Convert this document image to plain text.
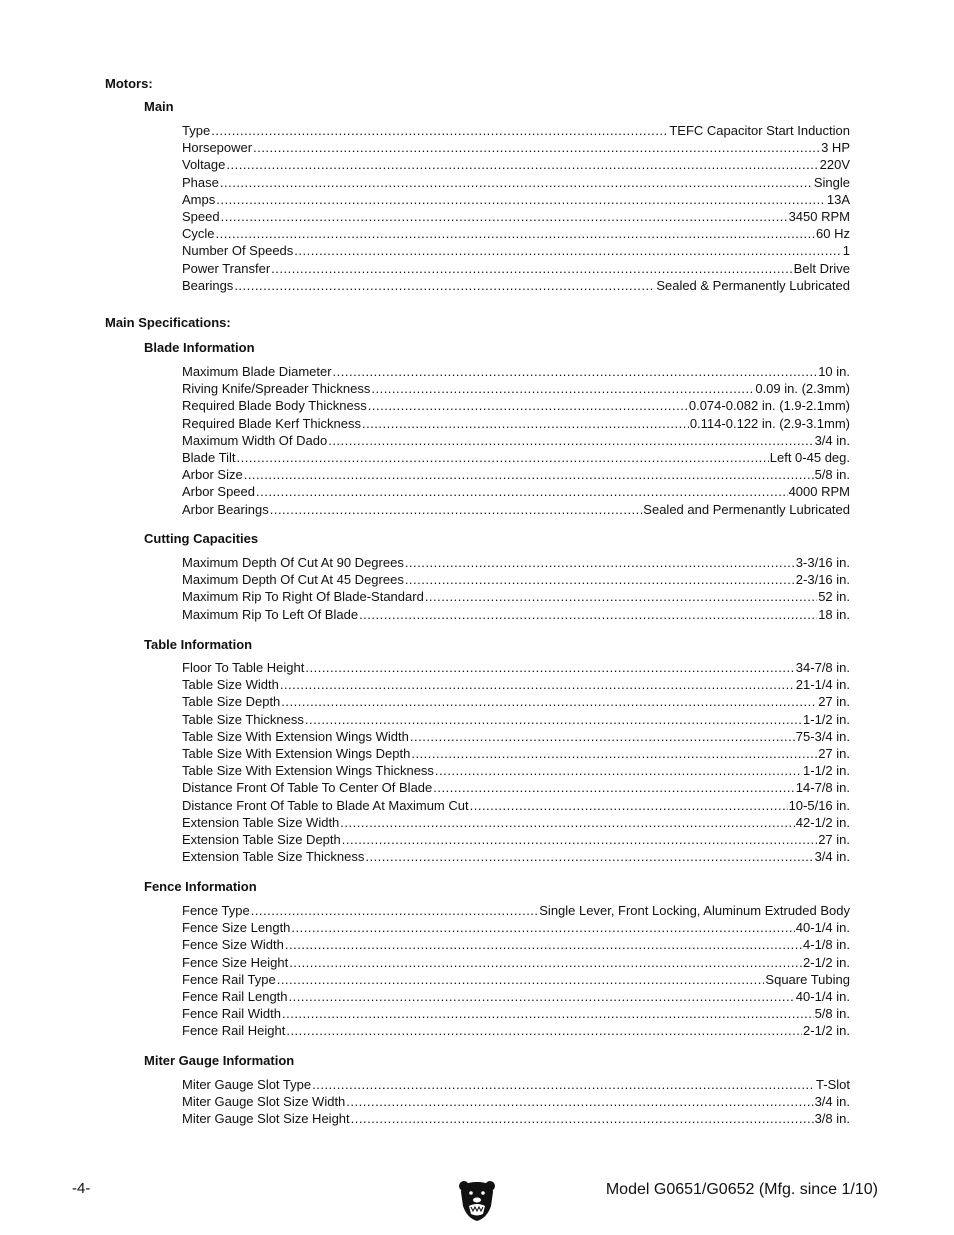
Motors:
Main
Type .....	TEFC Capacitor Start Induction
Horsepower .....	3 HP
Voltage .....	220V
Phase .....	Single
Amps .....	13A
Speed .....	3450 RPM
Cycle .....	60 Hz
Number Of Speeds .....	1
Power Transfer .....	Belt Drive
Bearings .....	Sealed & Permanently Lubricated
Main Specifications:
Blade Information
Maximum Blade Diameter .....	10 in.
Riving Knife/Spreader Thickness .....	0.09 in. (2.3mm)
Required Blade Body Thickness .....	0.074-0.082 in. (1.9-2.1mm)
Required Blade Kerf Thickness .....	0.114-0.122 in. (2.9-3.1mm)
Maximum Width Of Dado .....	3/4 in.
Blade Tilt .....	Left 0-45 deg.
Arbor Size .....	5/8 in.
Arbor Speed .....	4000 RPM
Arbor Bearings .....	Sealed and Permenantly Lubricated
Cutting Capacities
Maximum Depth Of Cut At 90 Degrees .....	3-3/16 in.
Maximum Depth Of Cut At 45 Degrees .....	2-3/16 in.
Maximum Rip To Right Of Blade-Standard .....	52 in.
Maximum Rip To Left Of Blade .....	18 in.
Table Information
Floor To Table Height .....	34-7/8 in.
Table Size Width .....	21-1/4 in.
Table Size Depth .....	27 in.
Table Size Thickness .....	1-1/2 in.
Table Size With Extension Wings Width .....	75-3/4 in.
Table Size With Extension Wings Depth .....	27 in.
Table Size With Extension Wings Thickness .....	1-1/2 in.
Distance Front Of Table To Center Of Blade .....	14-7/8 in.
Distance Front Of Table to Blade At Maximum Cut .....	10-5/16 in.
Extension Table Size Width .....	42-1/2 in.
Extension Table Size Depth .....	27 in.
Extension Table Size Thickness .....	3/4 in.
Fence Information
Fence Type .....	Single Lever, Front Locking, Aluminum Extruded Body
Fence Size Length .....	40-1/4 in.
Fence Size Width .....	4-1/8 in.
Fence Size Height .....	2-1/2 in.
Fence Rail Type .....	Square Tubing
Fence Rail Length .....	40-1/4 in.
Fence Rail Width .....	5/8 in.
Fence Rail Height .....	2-1/2 in.
Miter Gauge Information
Miter Gauge Slot Type .....	T-Slot
Miter Gauge Slot Size Width .....	3/4 in.
Miter Gauge Slot Size Height .....	3/8 in.
-4-	Model G0651/G0652 (Mfg. since 1/10)
